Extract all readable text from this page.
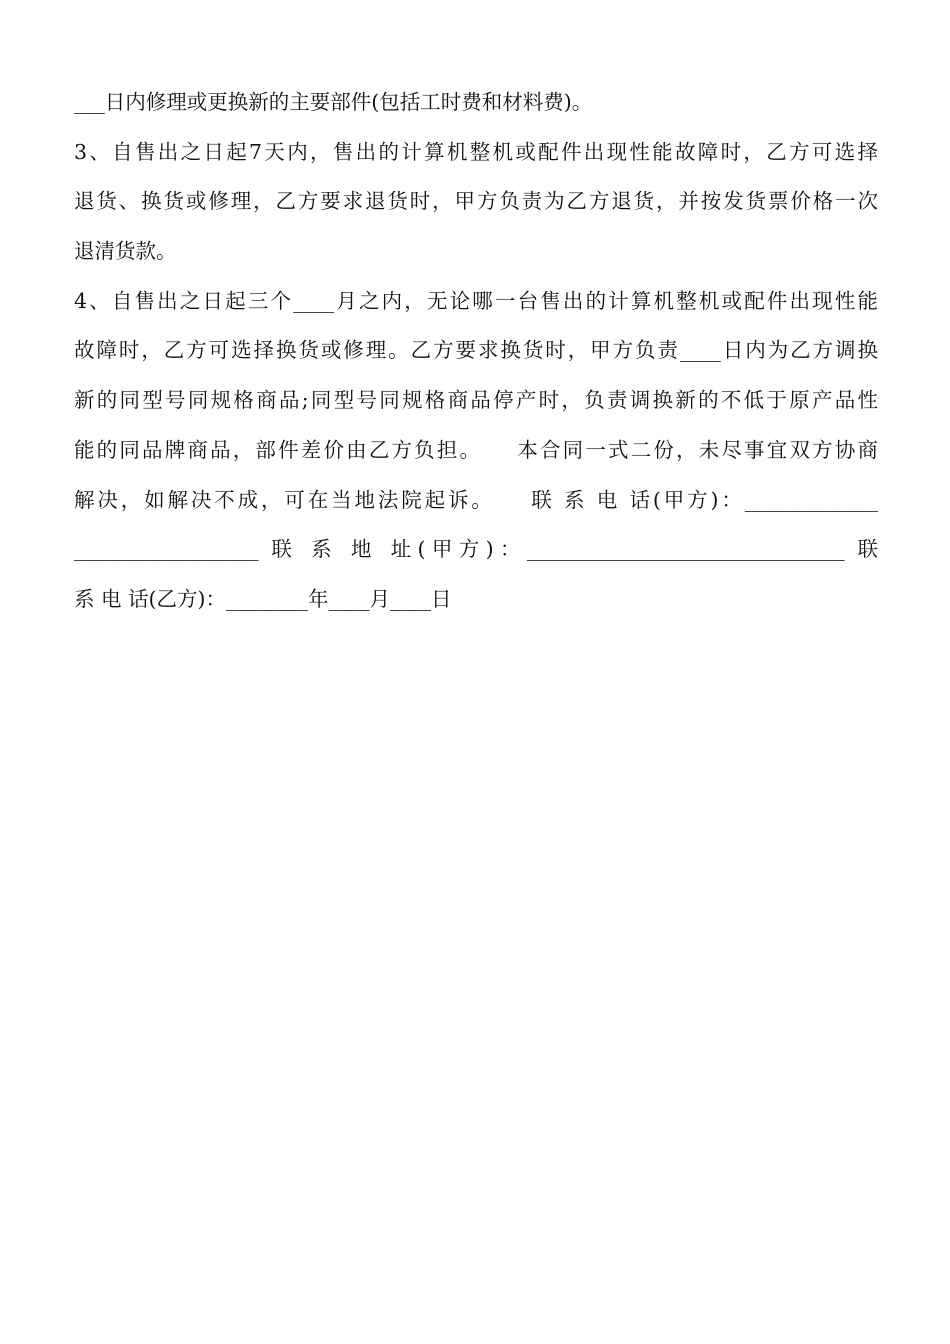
___日内修理或更换新的主要部件(包括工时费和材料费)。
3、自售出之日起7天内，售出的计算机整机或配件出现性能故障时，乙方可选择
退货、换货或修理，乙方要求退货时，甲方负责为乙方退货，并按发货票价格一次
退清货款。
4、自售出之日起三个____月之内，无论哪一台售出的计算机整机或配件出现性能
故障时，乙方可选择换货或修理。乙方要求换货时，甲方负责____日内为乙方调换
新的同型号同规格商品;同型号同规格商品停产时，负责调换新的不低于原产品性
能的同品牌商品，部件差价由乙方负担。　　本合同一式二份，未尽事宜双方协商
解决，如解决不成，可在当地法院起诉。　　联 系 电 话(甲方)：_____________
__________________ 联 系 地 址(甲方)：_______________________________ 联
系 电 话(乙方)：________年____月____日
